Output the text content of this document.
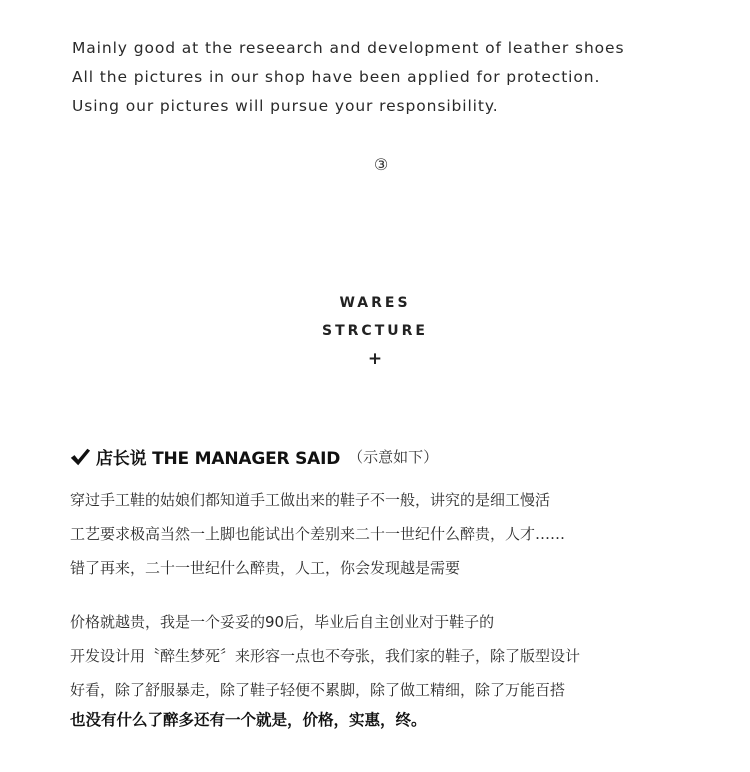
Mainly good at the reseearch and development of leather shoes
All the pictures in our shop have been applied for protection.
Using our pictures will pursue your responsibility.
③
WARES
STRCTURE
+
店长说 THE MANAGER SAID （示意如下）
穿过手工鞋的姑娘们都知道手工做出来的鞋子不一般，讲究的是细工慢活
工艺要求极高当然一上脚也能试出个差别来二十一世纪什么醉贵，人才……
错了再来，二十一世纪什么醉贵，人工，你会发现越是需要
价格就越贵，我是一个妥妥的90后，毕业后自主创业对于鞋子的
开发设计用〝醉生梦死〞来形容一点也不夸张，我们家的鞋子，除了版型设计
好看，除了舒服暴走，除了鞋子轻便不累脚，除了做工精细，除了万能百搭
也没有什么了醉多还有一个就是，价格，实惠，终。
